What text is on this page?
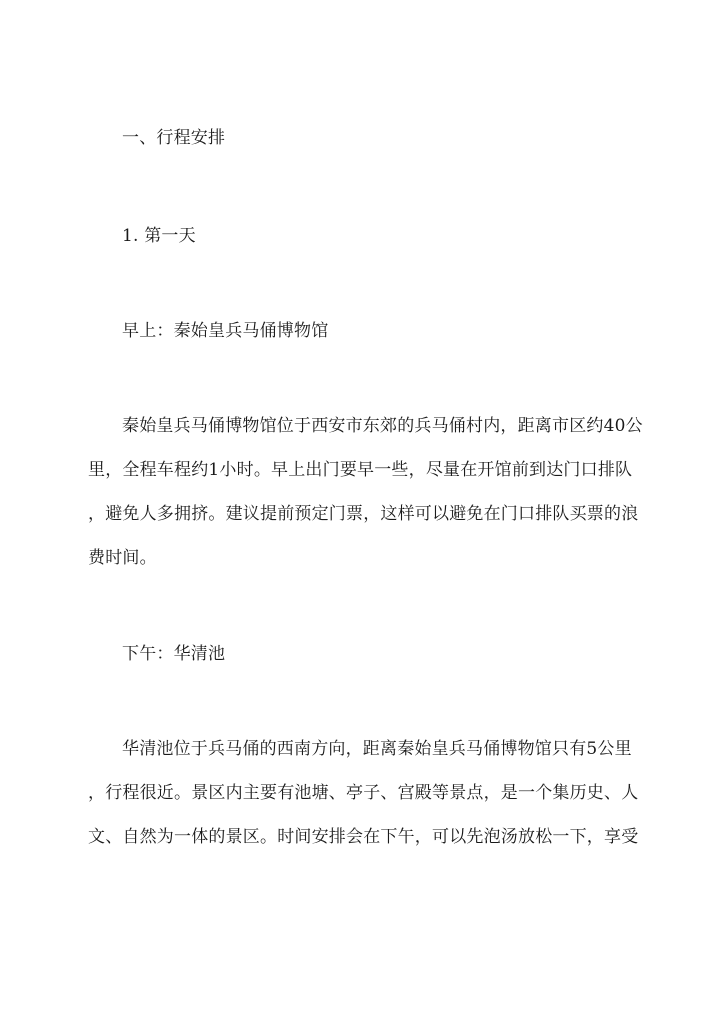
一、行程安排
1. 第一天
早上：秦始皇兵马俑博物馆
秦始皇兵马俑博物馆位于西安市东郊的兵马俑村内，距离市区约40公
里，全程车程约1小时。早上出门要早一些，尽量在开馆前到达门口排队
，避免人多拥挤。建议提前预定门票，这样可以避免在门口排队买票的浪
费时间。
下午：华清池
华清池位于兵马俑的西南方向，距离秦始皇兵马俑博物馆只有5公里
，行程很近。景区内主要有池塘、亭子、宫殿等景点，是一个集历史、人
文、自然为一体的景区。时间安排会在下午，可以先泡汤放松一下，享受
